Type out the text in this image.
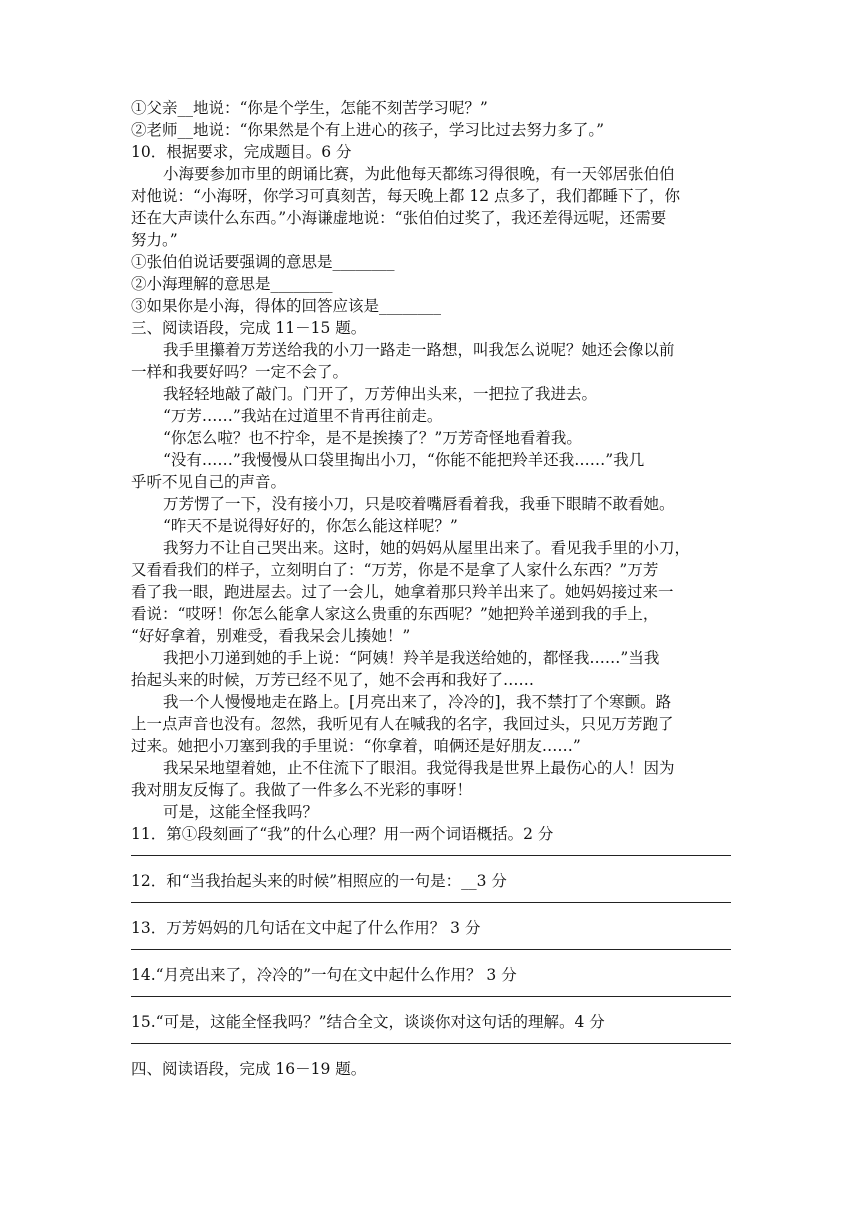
①父亲__地说：“你是个学生，怎能不刻苦学习呢？”
②老师__地说：“你果然是个有上进心的孩子，学习比过去努力多了。”
10．根据要求，完成题目。6 分
小海要参加市里的朗诵比赛，为此他每天都练习得很晚，有一天邻居张伯伯
对他说：“小海呀，你学习可真刻苦，每天晚上都 12 点多了，我们都睡下了，你
还在大声读什么东西。”小海谦虚地说：“张伯伯过奖了，我还差得远呢，还需要
努力。”
①张伯伯说话要强调的意思是________
②小海理解的意思是________
③如果你是小海，得体的回答应该是________
三、阅读语段，完成 11－15 题。
我手里攥着万芳送给我的小刀一路走一路想，叫我怎么说呢？她还会像以前
一样和我要好吗？一定不会了。
我轻轻地敲了敲门。门开了，万芳伸出头来，一把拉了我进去。
“万芳……”我站在过道里不肯再往前走。
“你怎么啦？也不拧伞，是不是挨揍了？”万芳奇怪地看着我。
“没有……”我慢慢从口袋里掏出小刀，“你能不能把羚羊还我……”我几
乎听不见自己的声音。
万芳愣了一下，没有接小刀，只是咬着嘴唇看着我，我垂下眼睛不敢看她。
“昨天不是说得好好的，你怎么能这样呢？”
我努力不让自己哭出来。这时，她的妈妈从屋里出来了。看见我手里的小刀，
又看看我们的样子，立刻明白了：“万芳，你是不是拿了人家什么东西？”万芳
看了我一眼，跑进屋去。过了一会儿，她拿着那只羚羊出来了。她妈妈接过来一
看说：“哎呀！你怎么能拿人家这么贵重的东西呢？”她把羚羊递到我的手上，
“好好拿着，别难受，看我呆会儿揍她！”
我把小刀递到她的手上说：“阿姨！羚羊是我送给她的，都怪我……”当我
抬起头来的时候，万芳已经不见了，她不会再和我好了……
我一个人慢慢地走在路上。[月亮出来了，冷冷的]，我不禁打了个寒颤。路
上一点声音也没有。忽然，我听见有人在喊我的名字，我回过头，只见万芳跑了
过来。她把小刀塞到我的手里说：“你拿着，咱俩还是好朋友……”
我呆呆地望着她，止不住流下了眼泪。我觉得我是世界上最伤心的人！因为
我对朋友反悔了。我做了一件多么不光彩的事呀！
可是，这能全怪我吗？
11．第①段刻画了“我”的什么心理？用一两个词语概括。2 分
12．和“当我抬起头来的时候”相照应的一句是：__3 分
13．万芳妈妈的几句话在文中起了什么作用？ 3 分
14.“月亮出来了，冷冷的”一句在文中起什么作用？ 3 分
15.“可是，这能全怪我吗？”结合全文，谈谈你对这句话的理解。4 分
四、阅读语段，完成 16－19 题。
